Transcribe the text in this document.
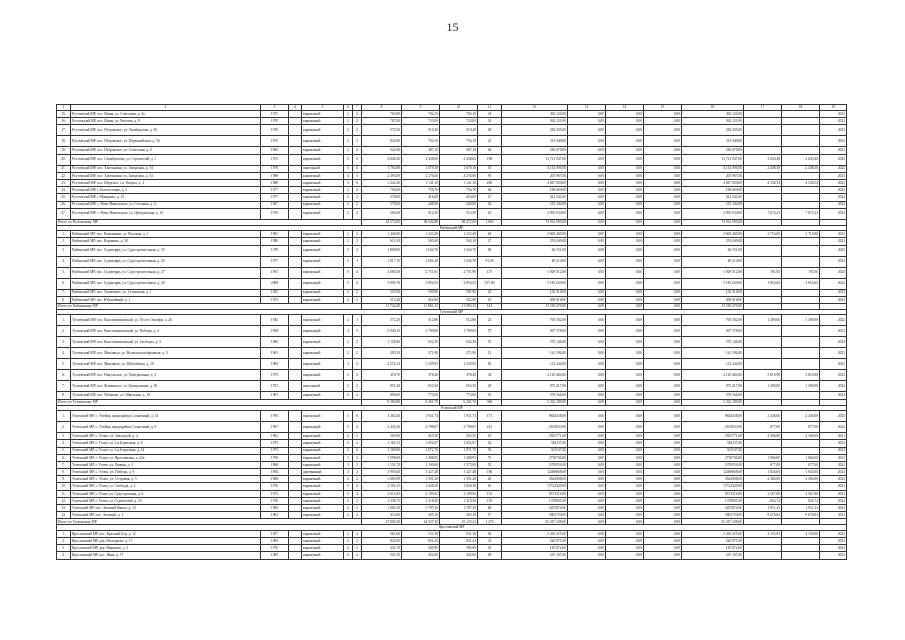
15
1	2	3	4	5	6	7	8	9	10	11	12	13	14	15	16	17	18	19
15.	Ростовский МР, пос. Ишня, ул. Советская, д. 4а	1975		кирпичный	2	2	760,90	704,10	704,10	34	362 120,00	0,00	0,00	0,00	362 120,00			2023
16.	Ростовский МР, пос. Ишня, ул. Чистова, д. 9	1970		кирпичный	2	2	787,00	723,00	723,00	32	363 121,00	0,00	0,00	0,00	363 121,00			2023
17.	Ростовский МР, пос. Петровское, ул. Октябрьская, д. 65	1970		кирпичный	2	2	579,30	519,40	519,40	28	229 205,00	0,00	0,00	0,00	229 205,00			2023
18.	Ростовский МР, пос. Петровское, ул. Первомайская, д. 56	1975		кирпичный	2	2	834,90	754,10	754,10	41	313 949,00	0,00	0,00	0,00	313 949,00			2023
19.	Ростовский МР, пос. Петровское, ул. Советская, д. 9	1965		кирпичный	2	2	524,30	487,10	487,10	46	236 870,00	0,00	0,00	0,00	236 870,00			2023
20.	Ростовский МР, пос. Семибратово, ул. Строителей, д. 1	1972		кирпичный	5	6	4 846,20	4 438,60	4 438,60	198	11 712 047,00	0,00	0,00	0,00	11 712 047,00	2 643,40	2 643,40	2025
21.	Ростовский МР, пос. Хмельники, ул. Заводская, д. 14	1978		панельный	5	6	1 763,69	1 679,10	1 679,10	35	4 113 095,00	0,00	0,00	0,00	4 113 095,00	2 448,30	2 448,30	2022
22.	Ростовский МР, пос. Хмельники, ул. Заводская, д. 34	1989		кирпичный	4	3	2 395,00	2 276,00	2 276,00	95	203 967,00	0,00	0,00	0,00	203 967,00			2023
23.	Ростовский МР, пос. Шурскол, с.п. Кварта, д. 4	1988		кирпичный	3	6	1 242,49	1 141,10	1 141,10	200	4 847 829,00	0,00	0,00	0,00	4 847 829,00	4 336,54	4 336,54	2025
24.	Ростовский МР, г. Белогостицы, д. 2	1977		кирпичный	2	2	794,00	756,70	756,70	46	196 669,00	0,00	0,00	0,00	196 669,00			2022
25.	Ростовский МР, г. Макарово, д. 12	1977		кирпичный	2	2	578,00	416,00	416,00	27	422 642,00	0,00	0,00	0,00	422 642,00			2022
26.	Ростовский МР, с. Ново-Никольское, ул. Столовая, д. 4	1967		кирпичный	2	2	578,00	448,00	448,00	42	215 184,00	0,00	0,00	0,00	215 184,00			2022
27.	Ростовский МР, с. Ново-Никольское, ул. Центральная, д. 16	1976		кирпичный	2	2	560,20	512,50	512,50	25	2 952 030,00	0,00	0,00	0,00	2 952 030,00	7 672,23	7 672,23	2023
Итого по Ростовскому МР							42 572,00	38 544,80	38 472,00	1 863	74 921 094,00	0,00	0,00	0,00	74 921 094,00			
Рыбинский МР																		
1.	Рыбинский МР, пос. Каменники, ул. Восьмая, д. 1	1981		кирпичный	2	2	1 446,00	1 323,40	1 323,40	64	3 694 469,00	0,00	0,00	0,00	3 694 469,00	2 716,00	2 716,00	2023
2.	Рыбинский МР, пос. Коровино, д. 20	1980		кирпичный	2	2	613,10	563,00	563,10	27	255 049,00	0,00	0,00	0,00	255 049,00			2023
3.	Рыбинский МР, пос. Судоверфь, ул. Судостроительная, д. 19	1978		кирпичный	3	2	1 809,00	1 634,70	1 634,70	96	36 531,00	0,00	0,00	0,00	36 531,00			2023
4.	Рыбинский МР, пос. Судоверфь, ул. Судостроительная, д. 20	1977		кирпичный	3	3	1 817,10	1 601,30	1 634,70	91,09	46 510,00	0,00	0,00	0,00	46 510,00			2023
5.	Рыбинский МР, пос. Судоверфь, ул. Судостроительная, д. 27	1991		кирпичный	5	4	4 080,30	2 751,81	2 751,90	137	1 929 012,00	0,00	0,00	0,00	1 929 012,00	701,00	701,00	2023
6.	Рыбинский МР, пос. Судоверфь, ул. Судостроительная, д. 28	2008		кирпичный	5	4	3 805,70	3 854,55	3 854,55	157,00	5 185 620,00	0,00	0,00	0,00	5 185 620,00	1 816,62	1 816,62	2022
7.	Рыбинский МР, пос. Тихменево, ул. Тутаевская, д. 1	1955		кирпичный	2	2	550,50	509,90	501,90	25	153 410,00	0,00	0,00	0,00	153 410,00			2023
8.	Рыбинский МР, пос. Юбилейный, д. 1	1972		кирпичный	2	2	513,40	452,80	452,80	25	208 018,00	0,00	0,00	0,00	208 018,00			2023
Итого по Рыбинскому МР							11 724,49	11 861,33	11 893,35	614	13 518 470,00	0,00	0,00	0,00	13 518 470,00			
Тутаевский МР																		
1.	Тутаевский МР, пос. Константиновский, ул. 50 лет Октября, д. 20	1945		кирпичный	2	1	572,20	512,80	512,80	25	765 562,00	0,00	0,00	0,00	765 562,00	1 490,00	1 490,00	2022
2.	Тутаевский МР, пос. Константиновский, ул. Победы, д. 4	1958		кирпичный	4	3	2 940,15	1 799,69	1 799,69	70	567 378,00	0,00	0,00	0,00	567 378,00			2023
3.	Тутаевский МР, пос. Константиновский, ул. Свободы, д. 3	1960		кирпичный	2	2	1 156,90	632,50	632,30	35	370 146,00	0,00	0,00	0,00	370 146,00			2023
4.	Тутаевский МР, пос. Микляиха, ул. Волжская набережная, д. 3	1961		кирпичный	2	2	295,30	271,90	271,90	13	141 394,00	0,00	0,00	0,00	141 394,00			2021
5.	Тутаевский МР, пос. Микляиха, ул. Юбилейная, д. 10	1983		кирпичный	3	3	2 255,24	1 239,95	1 239,95	81	112 342,00	0,00	0,00	0,00	112 342,00			2023
6.	Тутаевский МР, пос. Никульское, ул. Центральная, д. 4	1975		кирпичный	2	2	418,70	378,40	378,40	34	2 125 464,00	0,00	0,00	0,00	2 125 464,00	5 616,98	5 616,98	2023
7.	Тутаевский МР, пос. Фоминское, ул. Центральная, д. 18	1972		панельный	3	2	851,40	653,30	653,30	29	973 417,00	0,00	0,00	0,00	973 417,00	1 490,00	1 490,00	2022
8.	Тутаевский МР, пос. Чебаково, ул. Школьная, д. 10	1981		кирпичный	2	2	896,00	773,00	773,00	33	376 566,00	0,00	0,00	0,00	376 566,00			2024
Итого по Тутаевскому МР							9 382,89	6 261,70	6 261,70	306	5 322 180,00	0,00	0,00	0,00	5 322 180,00			
Угличский МР																		
1.	Угличский МР, с. Улейма, микрорайон Солнечный, д. 14	1976		кирпичный	5	6	3 364,40	1 931,74	1 931,74	171	9626438,00	0,00	0,00	0,00	9626438,00	2 436,00	2 436,00	2025
2.	Угличский МР, с. Улейма, микрорайон Солнечный, д. 6	1967		кирпичный	5	4	3 445,30	2 798,87	2 798,87	221	2163633,00	0,00	0,00	0,00	2163633,00	877,00	877,00	2022
3.	Угличский МР, с. Углич, ул. Заводской, д. 4	1962		кирпичный	2	2	504,90	455,50	455,50	25	2952771,00	0,00	0,00	0,00	2952771,00	4 306,00	4 306,00	2021
4.	Угличский МР, г. Углич, ул. 2-я Береговая, д. 6	1975		кирпичный	2	2	1 162,12	1 052,87	1 052,87	42	330237,00	0,00	0,00	0,00	330237,00			2023
5.	Угличский МР, г. Углич, ул. 2-я Береговая, д. 14	1973		кирпичный	2	2	1 160,00	1 071,70	1 071,70	53	331547,00	0,00	0,00	0,00	331547,00			2023
6.	Угличский МР, г. Углич, ул. Ярославская, д. 22а	1976		кирпичный	3	2	1 999,69	1 488,95	1 498,95	75	2729706,00	0,00	0,00	0,00	2729706,00	1 866,00	1 866,00	2021
7.	Угличский МР, г. Углич, ул. Ленина, д. 3	1968		кирпичный	3	2	1 131,70	1 100,60	1 375,00	55	1076554,00	0,00	0,00	0,00	1076554,00	677,00	677,00	2022
8.	Угличский МР, с. Углич, ул. Победы, д. 9	1994		деревянный	3	2	3 905,60	3 427,48	3 427,48	186	12469668,00	0,00	0,00	0,00	12469668,00	1 843,00	1 843,00	2023
9.	Угличский МР, с. Углич, ул. Островая, д. 5	1968		кирпичный	2	2	1 883,99	1 591,20	1 591,20	40	4542608,00	0,00	0,00	0,00	4542608,00	2 384,00	2 384,00	2022
10.	Угличский МР, г. Углич, ул. Свободы, д. 4	1976		кирпичный	3	2	2 394,15	1 028,30	1 028,30	63	17724320,00	0,00	0,00	0,00	17724320,00			2021
11.	Угличский МР, г. Углич, ул. Судостроения, д. 6	1973		кирпичный	5	4	3 614,90	3 199,92	3 199,92	155	8573216,00	0,00	0,00	0,00	8573216,00	2 567,86	2 567,86	2024
12.	Угличский МР, г. Углич, ул. Строителей, д. 10	1970		кирпичный	3	2	1 336,75	1 318,30	1 318,30	118	1378001,00	0,00	0,00	0,00	1378001,00	824,74	824,74	2022
13.	Угличский МР, пос. Зеленый Рынок, д. 13	1960		кирпичный	2	2	1 885,10	1 797,30	1 797,30	68	2437874,00	0,00	0,00	0,00	2437874,00	1 911,23	1 911,23	2023
14.	Угличский МР, пос. Зеленый, д. 1	1963		кирпичный	2	2	414,00	365,10	365,10	17	3802750,00	0,00	0,00	0,00	3802750,00	9 676,83	9 676,83	2023
Итого по Угличскому МР							27 905,30	24 527,30	25 125,22	1 473	55 347 108,00	0,00	0,00	0,00	55 347 108,00			
Ярославский МР																		
1.	Ярославский МР, пос. Красный Бор, д. 12	1957		кирпичный	2	2	561,00	531,38	531,30	30	2 263 455,00	0,00	0,00	0,00	2 263 455,00	4 152,95	4 156,00	2022
2.	Ярославский МР, дер. Молодково, д. 17	1983		кирпичный	2	2	842,00	831,43	831,43	32	220 871,00	0,00	0,00	0,00	220 871,00			2023
3.	Ярославский МР, дер. Иванцево, д. 2	1976		кирпичный	2	2	441,70	405,89	395,89	43	183 872,00	0,00	0,00	0,00	183 872,00			2023
4.	Ярославский МР, пос. Нива, д. 17	1969		кирпичный	2	2	541,50	452,00	452,00	28	215 167,00	0,00	0,00	0,00	215 167,00			2023
